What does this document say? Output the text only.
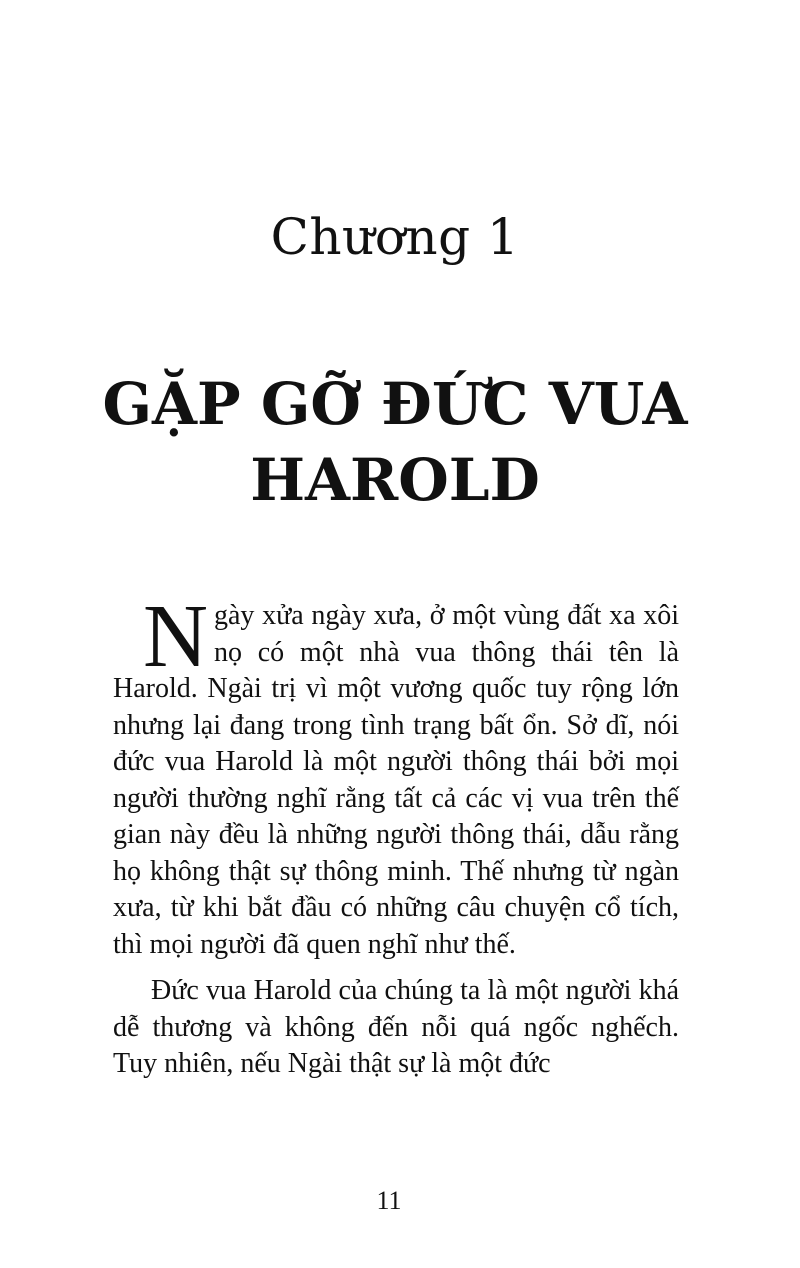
Chương 1
GẶP GỠ ĐỨC VUA
HAROLD

Ngày xửa ngày xưa, ở một vùng đất xa xôi nọ có một nhà vua thông thái tên là Harold. Ngài trị vì một vương quốc tuy rộng lớn nhưng lại đang trong tình trạng bất ổn. Sở dĩ, nói đức vua Harold là một người thông thái bởi mọi người thường nghĩ rằng tất cả các vị vua trên thế gian này đều là những người thông thái, dẫu rằng họ không thật sự thông minh. Thế nhưng từ ngàn xưa, từ khi bắt đầu có những câu chuyện cổ tích, thì mọi người đã quen nghĩ như thế.

Đức vua Harold của chúng ta là một người khá dễ thương và không đến nỗi quá ngốc nghếch. Tuy nhiên, nếu Ngài thật sự là một đức

11
